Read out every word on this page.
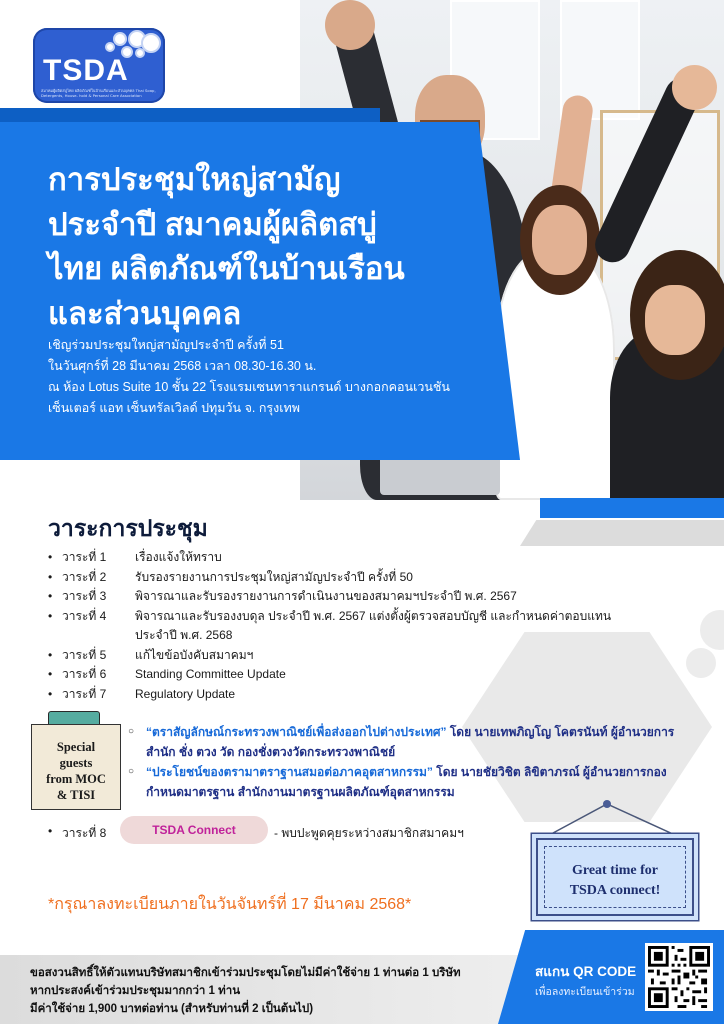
TSDA
สมาคมผู้ผลิตสบู่ไทย ผลิตภัณฑ์ในบ้านเรือนและส่วนบุคคล Thai Soap, Detergents, House- hold & Personal Care Association
การประชุมใหญ่สามัญ
ประจำปี สมาคมผู้ผลิตสบู่
ไทย ผลิตภัณฑ์ในบ้านเรือน
และส่วนบุคคล
เชิญร่วมประชุมใหญ่สามัญประจำปี ครั้งที่ 51
ในวันศุกร์ที่ 28 มีนาคม 2568 เวลา 08.30-16.30 น.
ณ ห้อง Lotus Suite 10 ชั้น 22 โรงแรมเซนทาราแกรนด์ บางกอกคอนเวนชัน
เซ็นเตอร์ แอท เซ็นทรัลเวิลด์ ปทุมวัน จ. กรุงเทพ
วาระการประชุม
• วาระที่ 1	เรื่องแจ้งให้ทราบ
• วาระที่ 2	รับรองรายงานการประชุมใหญ่สามัญประจำปี ครั้งที่ 50
• วาระที่ 3	พิจารณาและรับรองรายงานการดำเนินงานของสมาคมฯประจำปี พ.ศ. 2567
• วาระที่ 4	พิจารณาและรับรองงบดุล ประจำปี พ.ศ. 2567 แต่งตั้งผู้ตรวจสอบบัญชี และกำหนดค่าตอบแทนประจำปี พ.ศ. 2568
• วาระที่ 5	แก้ไขข้อบังคับสมาคมฯ
• วาระที่ 6	Standing Committee Update
• วาระที่ 7	Regulatory Update
Special
guests
from MOC
& TISI
○ “ตราสัญลักษณ์กระทรวงพาณิชย์เพื่อส่งออกไปต่างประเทศ” โดย นายเทพภิญโญ โคตรนันท์ ผู้อำนวยการสำนัก ชั่ง ตวง วัด กองชั่งตวงวัดกระทรวงพาณิชย์
○ “ประโยชน์ของตรามาตราฐานสมอต่อภาคอุตสาหกรรม” โดย นายชัยวิชิต ลิขิตาภรณ์ ผู้อำนวยการกองกำหนดมาตรฐาน สำนักงานมาตรฐานผลิตภัณฑ์อุตสาหกรรม
• วาระที่ 8	TSDA Connect	- พบปะพูดคุยระหว่างสมาชิกสมาคมฯ
Great time for
TSDA connect!
*กรุณาลงทะเบียนภายในวันจันทร์ที่ 17 มีนาคม 2568*
ขอสงวนสิทธิ์ให้ตัวแทนบริษัทสมาชิกเข้าร่วมประชุมโดยไม่มีค่าใช้จ่าย 1 ท่านต่อ 1 บริษัท
หากประสงค์เข้าร่วมประชุมมากกว่า 1 ท่าน
มีค่าใช้จ่าย 1,900 บาทต่อท่าน (สำหรับท่านที่ 2 เป็นต้นไป)
สแกน QR CODE
เพื่อลงทะเบียนเข้าร่วม
